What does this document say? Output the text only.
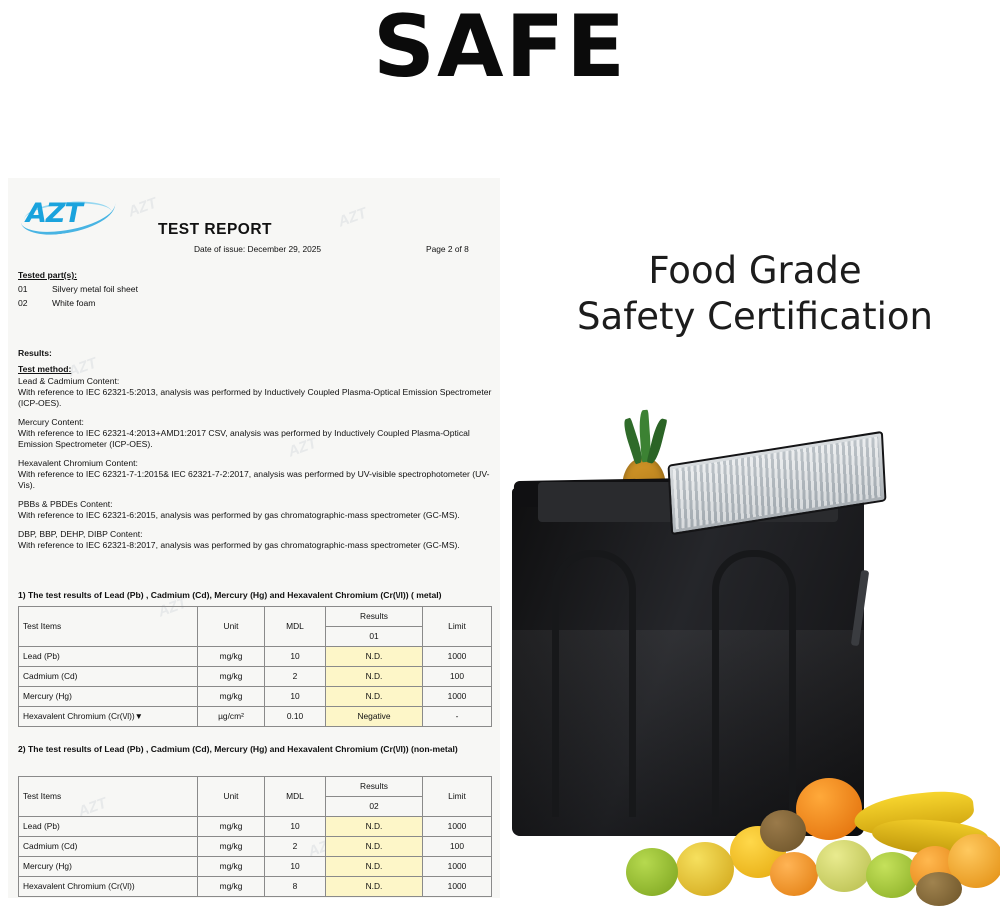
SAFE
AZT	AZT
AZT
AZT
AZT
AZT
AZT
AZT
TEST REPORT
Date of issue: December 29, 2025	Page 2 of 8
Tested part(s):
01	Silvery metal foil sheet
02	White foam
Results:
Test method:
Lead & Cadmium Content:
With reference to IEC 62321-5:2013, analysis was performed by Inductively Coupled Plasma-Optical Emission Spectrometer (ICP-OES).
Mercury Content:
With reference to IEC 62321-4:2013+AMD1:2017 CSV, analysis was performed by Inductively Coupled Plasma-Optical Emission Spectrometer (ICP-OES).
Hexavalent Chromium Content:
With reference to IEC 62321-7-1:2015& IEC 62321-7-2:2017, analysis was performed by UV-visible spectrophotometer (UV-Vis).
PBBs & PBDEs Content:
With reference to IEC 62321-6:2015, analysis was performed by gas chromatographic-mass spectrometer (GC-MS).
DBP, BBP, DEHP, DIBP Content:
With reference to IEC 62321-8:2017, analysis was performed by gas chromatographic-mass spectrometer (GC-MS).
1) The test results of Lead (Pb) , Cadmium (Cd), Mercury (Hg) and Hexavalent Chromium (Cr(\/I)) ( metal)
Test Items	Unit	MDL	Results	Limit
			01	
Lead (Pb)	mg/kg	10	N.D.	1000
Cadmium (Cd)	mg/kg	2	N.D.	100
Mercury (Hg)	mg/kg	10	N.D.	1000
Hexavalent Chromium (Cr(\/l))▼	µg/cm²	0.10	Negative	-
2) The test results of Lead (Pb) , Cadmium (Cd), Mercury (Hg) and Hexavalent Chromium (Cr(\/I)) (non-metal)
Test Items	Unit	MDL	Results	Limit
			02	
Lead (Pb)	mg/kg	10	N.D.	1000
Cadmium (Cd)	mg/kg	2	N.D.	100
Mercury (Hg)	mg/kg	10	N.D.	1000
Hexavalent Chromium (Cr(\/l))	mg/kg	8	N.D.	1000
Food Grade
Safety Certification
